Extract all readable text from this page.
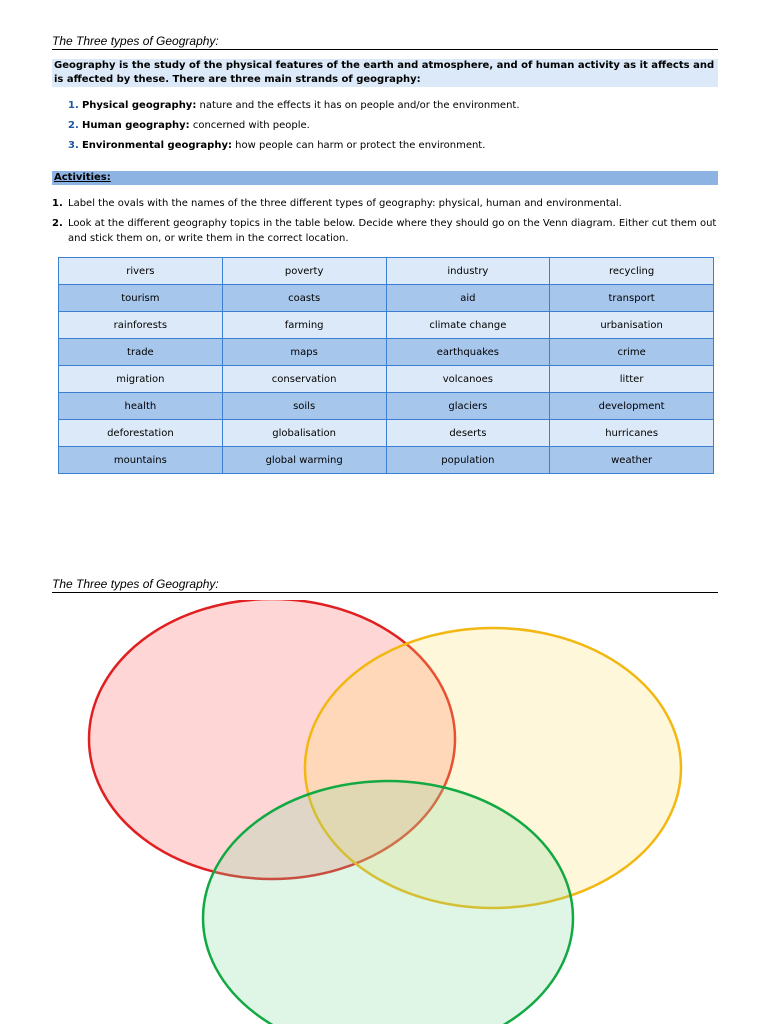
The Three types of Geography:
Geography is the study of the physical features of the earth and atmosphere, and of human activity as it affects and is affected by these. There are three main strands of geography:
1. Physical geography: nature and the effects it has on people and/or the environment.
2. Human geography: concerned with people.
3. Environmental geography: how people can harm or protect the environment.
Activities:
1. Label the ovals with the names of the three different types of geography: physical, human and environmental.
2. Look at the different geography topics in the table below. Decide where they should go on the Venn diagram. Either cut them out and stick them on, or write them in the correct location.
rivers	poverty	industry	recycling
tourism	coasts	aid	transport
rainforests	farming	climate change	urbanisation
trade	maps	earthquakes	crime
migration	conservation	volcanoes	litter
health	soils	glaciers	development
deforestation	globalisation	deserts	hurricanes
mountains	global warming	population	weather
The Three types of Geography:
